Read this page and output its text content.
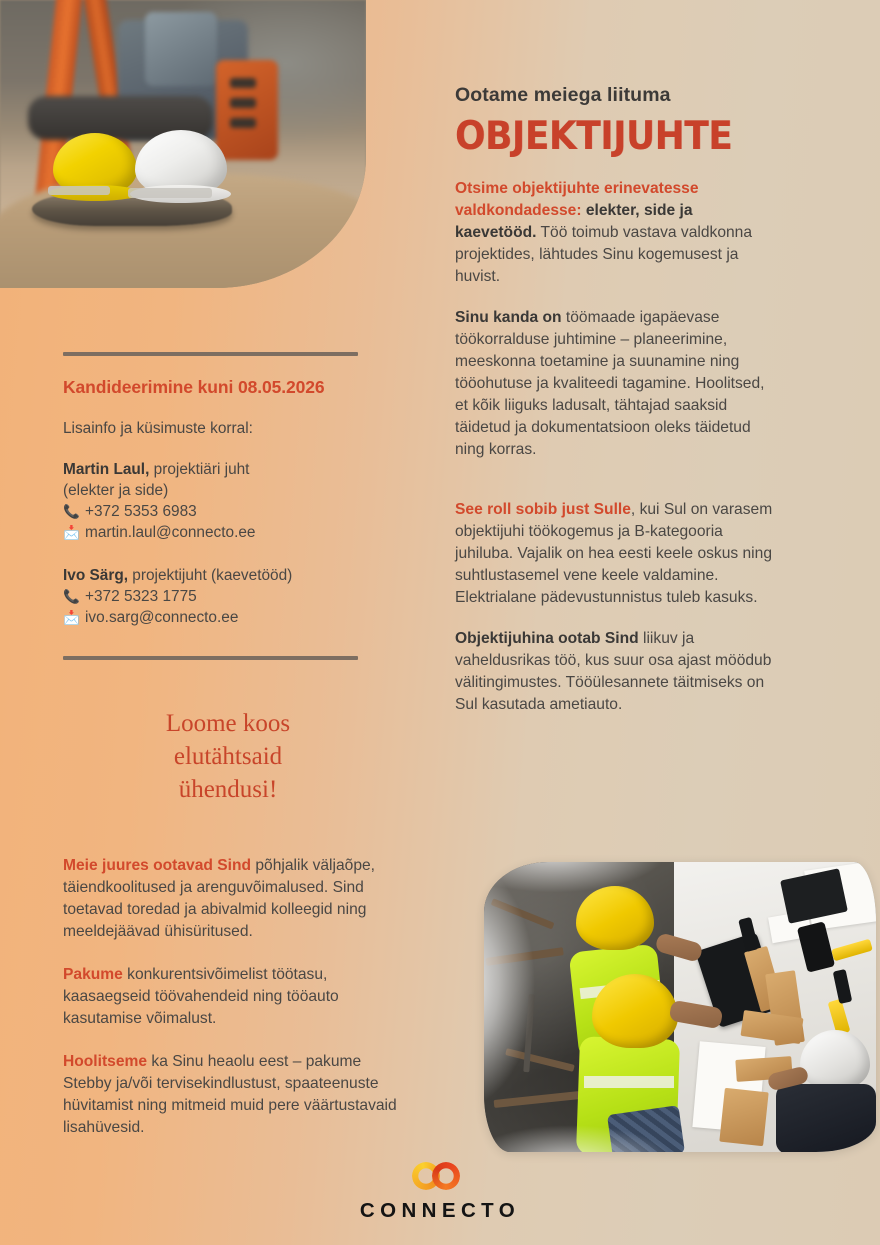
Ootame meiega liituma
OBJEKTIJUHTE

Otsime objektijuhte erinevatesse valdkondadesse: elekter, side ja kaevetööd. Töö toimub vastava valdkonna projektides, lähtudes Sinu kogemusest ja huvist.

Sinu kanda on töömaade igapäevase töökorralduse juhtimine – planeerimine, meeskonna toetamine ja suunamine ning tööohutuse ja kvaliteedi tagamine. Hoolitsed, et kõik liiguks ladusalt, tähtajad saaksid täidetud ja dokumentatsioon oleks täidetud ning korras.

See roll sobib just Sulle, kui Sul on varasem objektijuhi töökogemus ja B-kategooria juhiluba. Vajalik on hea eesti keele oskus ning suhtlustasemel vene keele valdamine. Elektrialane pädevustunnistus tuleb kasuks.

Objektijuhina ootab Sind liikuv ja vaheldusrikas töö, kus suur osa ajast möödub välitingimustes. Tööülesannete täitmiseks on Sul kasutada ametiauto.

Kandideerimine kuni 08.05.2026
Lisainfo ja küsimuste korral:
Martin Laul, projektiäri juht
(elekter ja side)
📞 +372 5353 6983
📩 martin.laul@connecto.ee
Ivo Särg, projektijuht (kaevetööd)
📞 +372 5323 1775
📩 ivo.sarg@connecto.ee
Loome koos
elutähtsaid
ühendusi!

Meie juures ootavad Sind põhjalik väljaõpe, täiendkoolitused ja arenguvõimalused. Sind toetavad toredad ja abivalmid kolleegid ning meeldejäävad ühisüritused.

Pakume konkurentsivõimelist töötasu, kaasaegseid töövahendeid ning tööauto kasutamise võimalust.

Hoolitseme ka Sinu heaolu eest – pakume Stebby ja/või tervisekindlustust, spaateenuste hüvitamist ning mitmeid muid pere väärtustavaid lisahüvesid.

CONNECTO
